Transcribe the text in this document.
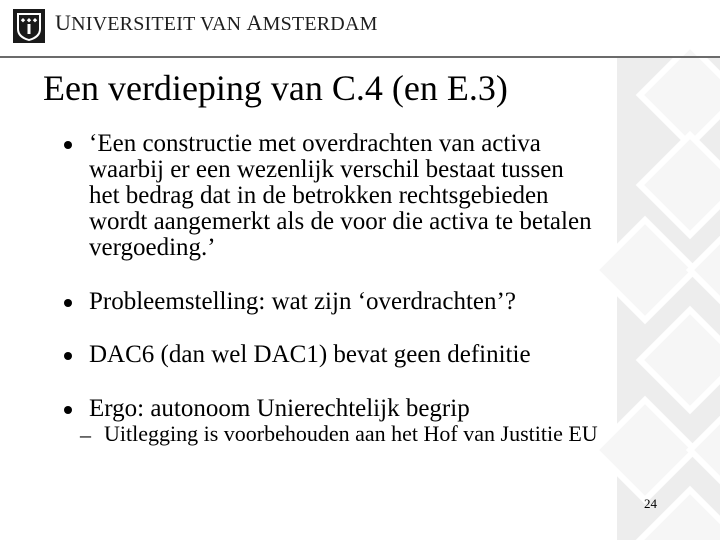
UNIVERSITEIT VAN AMSTERDAM
Een verdieping van C.4 (en E.3)
‘Een constructie met overdrachten van activa
waarbij er een wezenlijk verschil bestaat tussen
het bedrag dat in de betrokken rechtsgebieden
wordt aangemerkt als de voor die activa te betalen
vergoeding.’
Probleemstelling: wat zijn ‘overdrachten’?
DAC6 (dan wel DAC1) bevat geen definitie
Ergo: autonoom Unierechtelijk begrip
– Uitlegging is voorbehouden aan het Hof van Justitie EU
24
